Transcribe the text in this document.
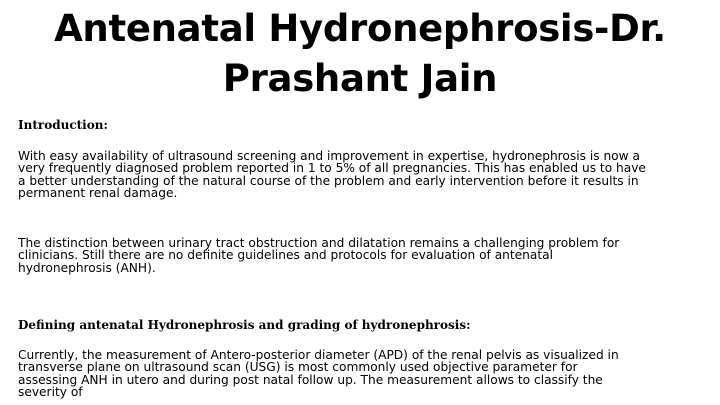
Antenatal Hydronephrosis-Dr.
Prashant Jain
Introduction:

With easy availability of ultrasound screening and improvement in expertise, hydronephrosis is now a
very frequently diagnosed problem reported in 1 to 5% of all pregnancies. This has enabled us to have
a better understanding of the natural course of the problem and early intervention before it results in
permanent renal damage.

The distinction between urinary tract obstruction and dilatation remains a challenging problem for
clinicians. Still there are no definite guidelines and protocols for evaluation of antenatal
hydronephrosis (ANH).

Defining antenatal Hydronephrosis and grading of hydronephrosis:

Currently, the measurement of Antero-posterior diameter (APD) of the renal pelvis as visualized in
transverse plane on ultrasound scan (USG) is most commonly used objective parameter for
assessing ANH in utero and during post natal follow up. The measurement allows to classify the
severity of
